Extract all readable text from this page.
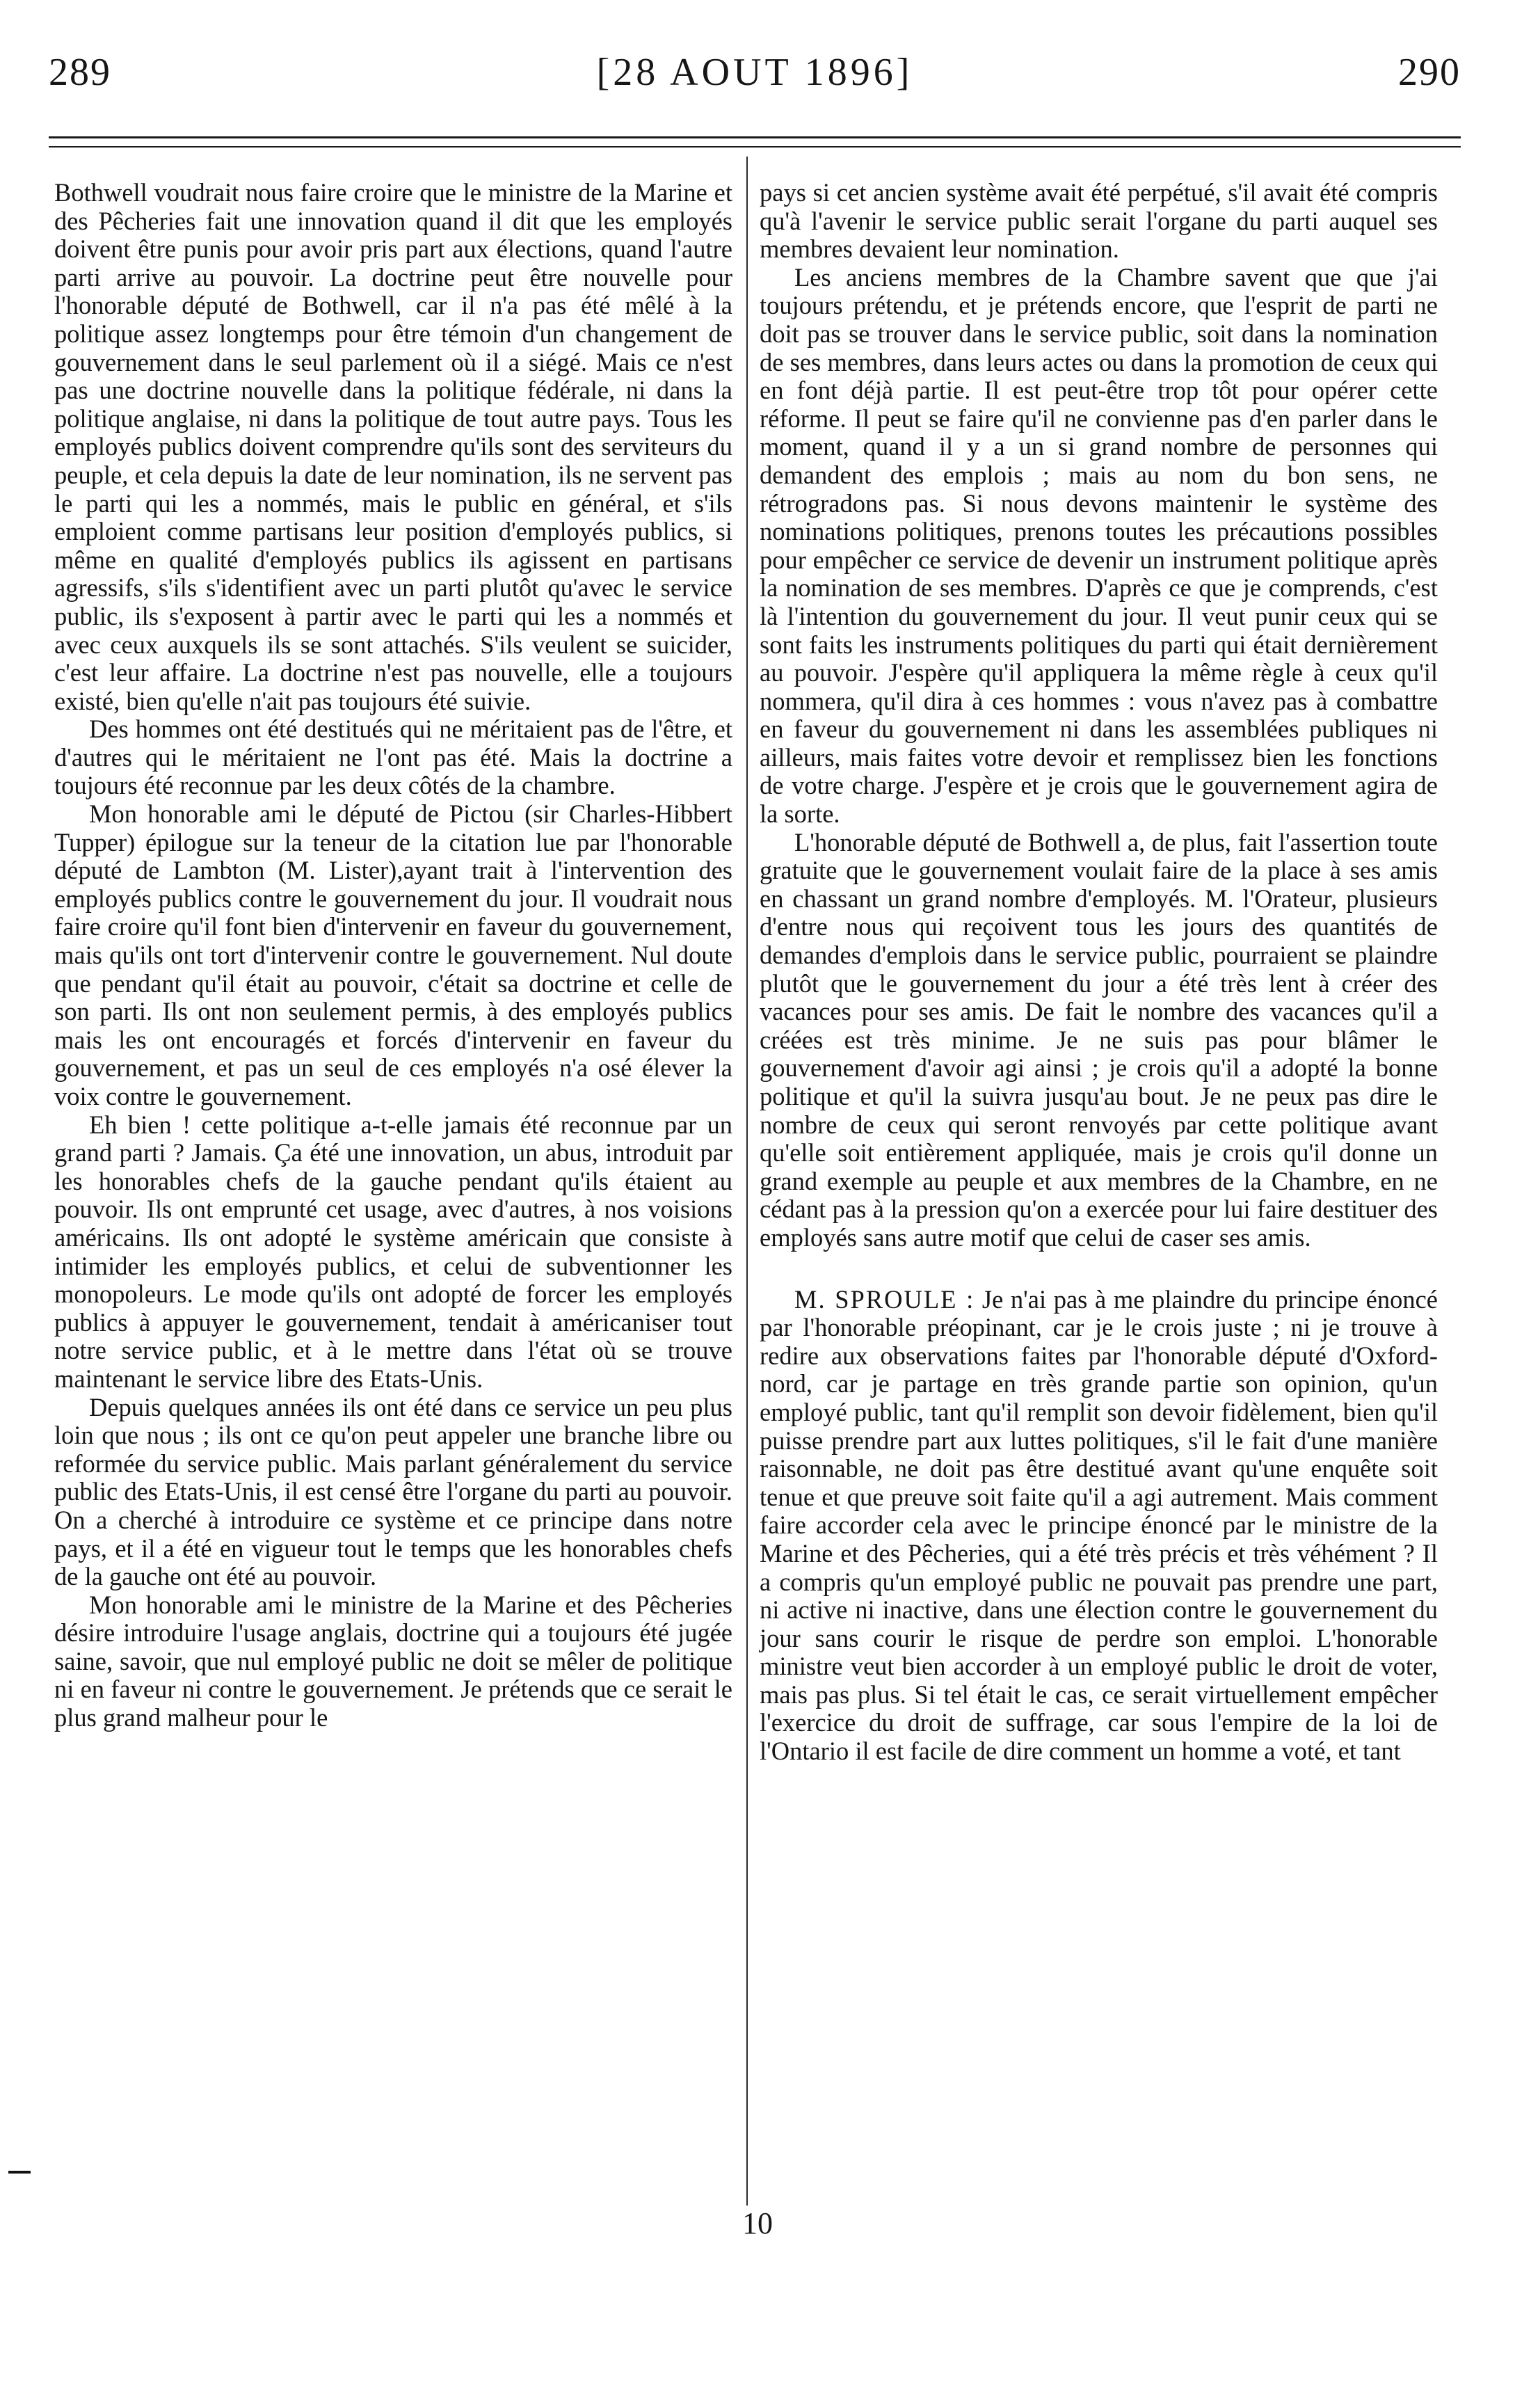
289	[28 AOUT 1896]	290

Bothwell voudrait nous faire croire que le ministre de la Marine et des Pêcheries fait une innovation quand il dit que les employés doivent être punis pour avoir pris part aux élections, quand l'autre parti arrive au pouvoir. La doctrine peut être nouvelle pour l'honorable député de Bothwell, car il n'a pas été mêlé à la politique assez longtemps pour être témoin d'un changement de gouvernement dans le seul parlement où il a siégé. Mais ce n'est pas une doctrine nouvelle dans la politique fédérale, ni dans la politique anglaise, ni dans la politique de tout autre pays. Tous les employés publics doivent comprendre qu'ils sont des serviteurs du peuple, et cela depuis la date de leur nomination, ils ne servent pas le parti qui les a nommés, mais le public en général, et s'ils emploient comme partisans leur position d'employés publics, si même en qualité d'employés publics ils agissent en partisans agressifs, s'ils s'identifient avec un parti plutôt qu'avec le service public, ils s'exposent à partir avec le parti qui les a nommés et avec ceux auxquels ils se sont attachés. S'ils veulent se suicider, c'est leur affaire. La doctrine n'est pas nouvelle, elle a toujours existé, bien qu'elle n'ait pas toujours été suivie.

Des hommes ont été destitués qui ne méritaient pas de l'être, et d'autres qui le méritaient ne l'ont pas été. Mais la doctrine a toujours été reconnue par les deux côtés de la chambre.

Mon honorable ami le député de Pictou (sir Charles-Hibbert Tupper) épilogue sur la teneur de la citation lue par l'honorable député de Lambton (M. Lister),ayant trait à l'intervention des employés publics contre le gouvernement du jour. Il voudrait nous faire croire qu'il font bien d'intervenir en faveur du gouvernement, mais qu'ils ont tort d'intervenir contre le gouvernement. Nul doute que pendant qu'il était au pouvoir, c'était sa doctrine et celle de son parti. Ils ont non seulement permis, à des employés publics mais les ont encouragés et forcés d'intervenir en faveur du gouvernement, et pas un seul de ces employés n'a osé élever la voix contre le gouvernement.

Eh bien ! cette politique a-t-elle jamais été reconnue par un grand parti ? Jamais. Ça été une innovation, un abus, introduit par les honorables chefs de la gauche pendant qu'ils étaient au pouvoir. Ils ont emprunté cet usage, avec d'autres, à nos voisions américains. Ils ont adopté le système américain que consiste à intimider les employés publics, et celui de subventionner les monopoleurs. Le mode qu'ils ont adopté de forcer les employés publics à appuyer le gouvernement, tendait à américaniser tout notre service public, et à le mettre dans l'état où se trouve maintenant le service libre des Etats-Unis.

Depuis quelques années ils ont été dans ce service un peu plus loin que nous ; ils ont ce qu'on peut appeler une branche libre ou reformée du service public. Mais parlant généralement du service public des Etats-Unis, il est censé être l'organe du parti au pouvoir. On a cherché à introduire ce système et ce principe dans notre pays, et il a été en vigueur tout le temps que les honorables chefs de la gauche ont été au pouvoir.

Mon honorable ami le ministre de la Marine et des Pêcheries désire introduire l'usage anglais, doctrine qui a toujours été jugée saine, savoir, que nul employé public ne doit se mêler de politique ni en faveur ni contre le gouvernement. Je prétends que ce serait le plus grand malheur pour le

pays si cet ancien système avait été perpétué, s'il avait été compris qu'à l'avenir le service public serait l'organe du parti auquel ses membres devaient leur nomination.

Les anciens membres de la Chambre savent que que j'ai toujours prétendu, et je prétends encore, que l'esprit de parti ne doit pas se trouver dans le service public, soit dans la nomination de ses membres, dans leurs actes ou dans la promotion de ceux qui en font déjà partie. Il est peut-être trop tôt pour opérer cette réforme. Il peut se faire qu'il ne convienne pas d'en parler dans le moment, quand il y a un si grand nombre de personnes qui demandent des emplois ; mais au nom du bon sens, ne rétrogradons pas. Si nous devons maintenir le système des nominations politiques, prenons toutes les précautions possibles pour empêcher ce service de devenir un instrument politique après la nomination de ses membres. D'après ce que je comprends, c'est là l'intention du gouvernement du jour. Il veut punir ceux qui se sont faits les instruments politiques du parti qui était dernièrement au pouvoir. J'espère qu'il appliquera la même règle à ceux qu'il nommera, qu'il dira à ces hommes : vous n'avez pas à combattre en faveur du gouvernement ni dans les assemblées publiques ni ailleurs, mais faites votre devoir et remplissez bien les fonctions de votre charge. J'espère et je crois que le gouvernement agira de la sorte.

L'honorable député de Bothwell a, de plus, fait l'assertion toute gratuite que le gouvernement voulait faire de la place à ses amis en chassant un grand nombre d'employés. M. l'Orateur, plusieurs d'entre nous qui reçoivent tous les jours des quantités de demandes d'emplois dans le service public, pourraient se plaindre plutôt que le gouvernement du jour a été très lent à créer des vacances pour ses amis. De fait le nombre des vacances qu'il a créées est très minime. Je ne suis pas pour blâmer le gouvernement d'avoir agi ainsi ; je crois qu'il a adopté la bonne politique et qu'il la suivra jusqu'au bout. Je ne peux pas dire le nombre de ceux qui seront renvoyés par cette politique avant qu'elle soit entièrement appliquée, mais je crois qu'il donne un grand exemple au peuple et aux membres de la Chambre, en ne cédant pas à la pression qu'on a exercée pour lui faire destituer des employés sans autre motif que celui de caser ses amis.

M. SPROULE : Je n'ai pas à me plaindre du principe énoncé par l'honorable préopinant, car je le crois juste ; ni je trouve à redire aux observations faites par l'honorable député d'Oxford-nord, car je partage en très grande partie son opinion, qu'un employé public, tant qu'il remplit son devoir fidèlement, bien qu'il puisse prendre part aux luttes politiques, s'il le fait d'une manière raisonnable, ne doit pas être destitué avant qu'une enquête soit tenue et que preuve soit faite qu'il a agi autrement. Mais comment faire accorder cela avec le principe énoncé par le ministre de la Marine et des Pêcheries, qui a été très précis et très véhément ? Il a compris qu'un employé public ne pouvait pas prendre une part, ni active ni inactive, dans une élection contre le gouvernement du jour sans courir le risque de perdre son emploi. L'honorable ministre veut bien accorder à un employé public le droit de voter, mais pas plus. Si tel était le cas, ce serait virtuellement empêcher l'exercice du droit de suffrage, car sous l'empire de la loi de l'Ontario il est facile de dire comment un homme a voté, et tant

10
